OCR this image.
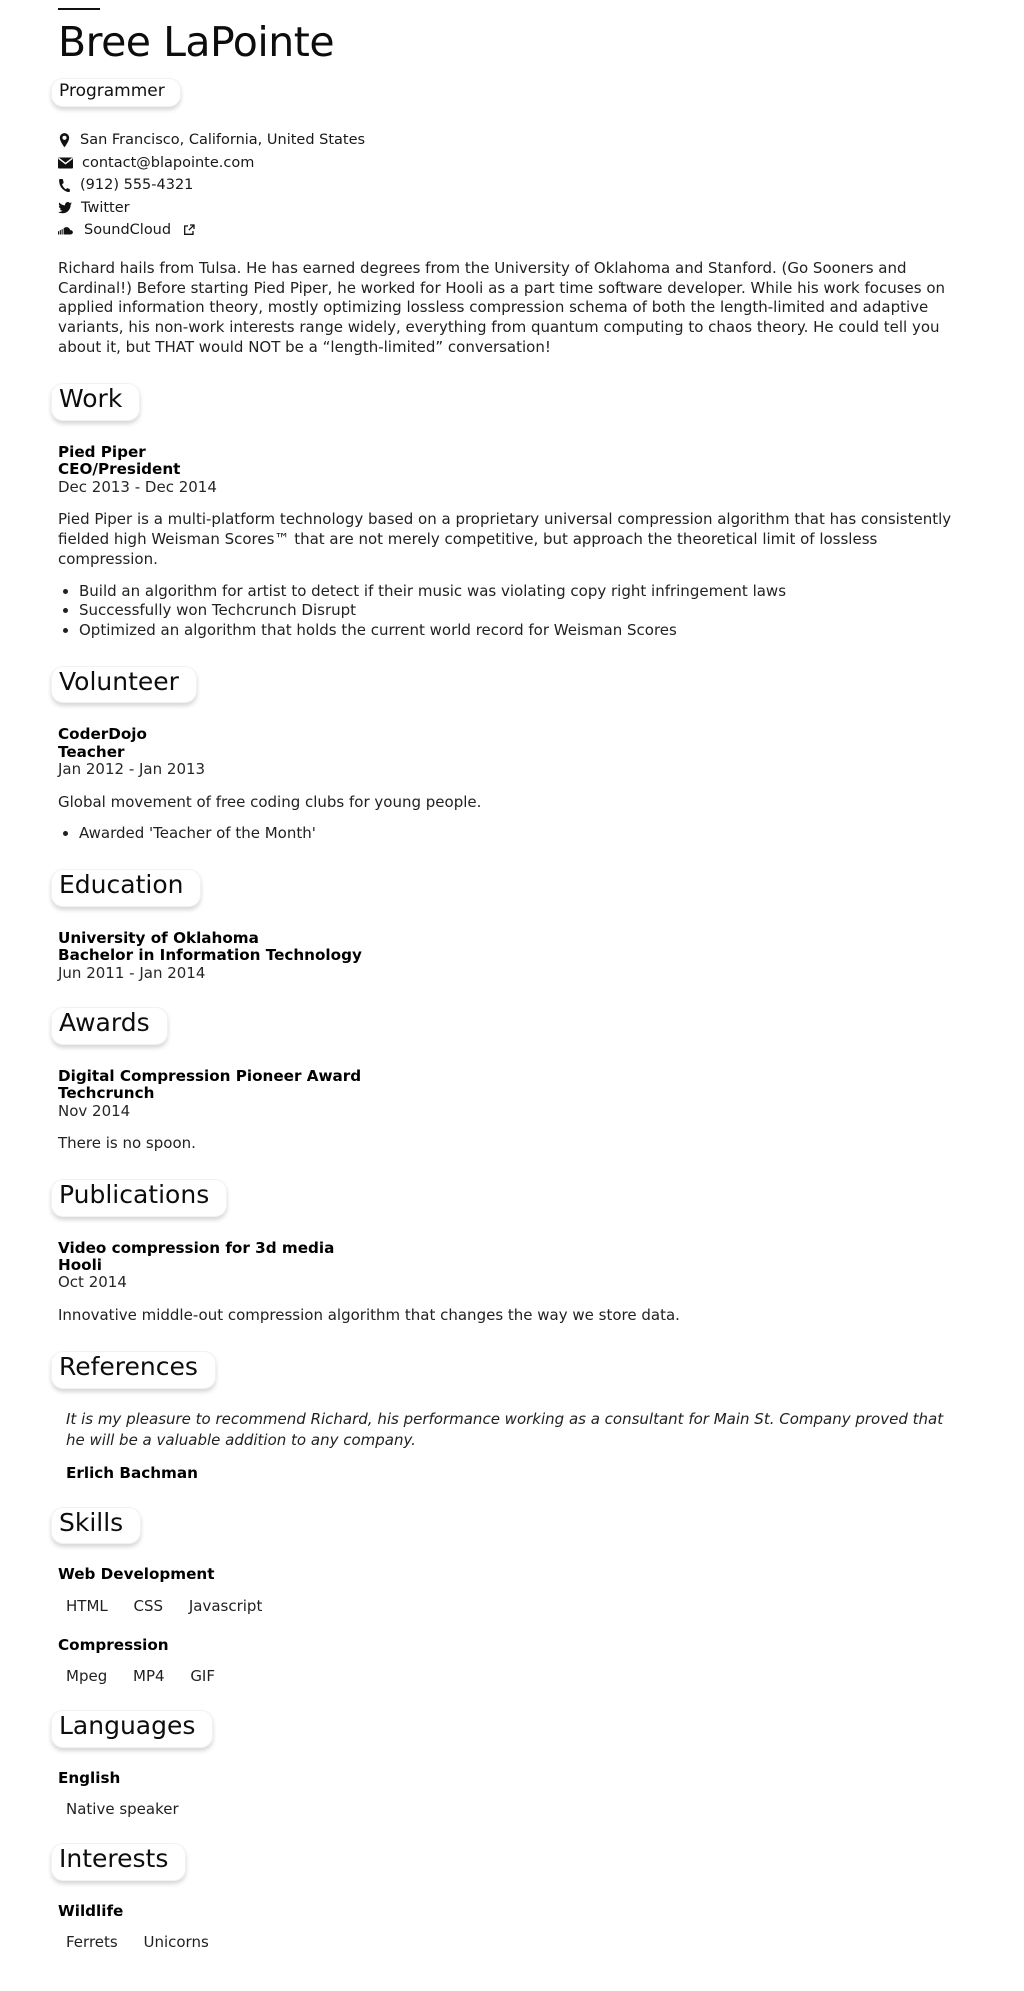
Bree LaPointe
Programmer
San Francisco, California, United States
contact@blapointe.com
(912) 555-4321
Twitter
SoundCloud

Richard hails from Tulsa. He has earned degrees from the University of Oklahoma and Stanford. (Go Sooners and Cardinal!) Before starting Pied Piper, he worked for Hooli as a part time software developer. While his work focuses on applied information theory, mostly optimizing lossless compression schema of both the length-limited and adaptive variants, his non-work interests range widely, everything from quantum computing to chaos theory. He could tell you about it, but THAT would NOT be a “length-limited” conversation!

Work
Pied Piper
CEO/President
Dec 2013 - Dec 2014

Pied Piper is a multi-platform technology based on a proprietary universal compression algorithm that has consistently fielded high Weisman Scores™ that are not merely competitive, but approach the theoretical limit of lossless compression.

• Build an algorithm for artist to detect if their music was violating copy right infringement laws
• Successfully won Techcrunch Disrupt
• Optimized an algorithm that holds the current world record for Weisman Scores
Volunteer
CoderDojo
Teacher
Jan 2012 - Jan 2013

Global movement of free coding clubs for young people.

• Awarded 'Teacher of the Month'
Education
University of Oklahoma
Bachelor in Information Technology
Jun 2011 - Jan 2014
Awards
Digital Compression Pioneer Award
Techcrunch
Nov 2014

There is no spoon.

Publications
Video compression for 3d media
Hooli
Oct 2014

Innovative middle-out compression algorithm that changes the way we store data.

References
It is my pleasure to recommend Richard, his performance working as a consultant for Main St. Company proved that he will be a valuable addition to any company.
Erlich Bachman
Skills
Web Development
HTML CSS Javascript
Compression
Mpeg MP4 GIF
Languages
English
Native speaker
Interests
Wildlife
Ferrets Unicorns
